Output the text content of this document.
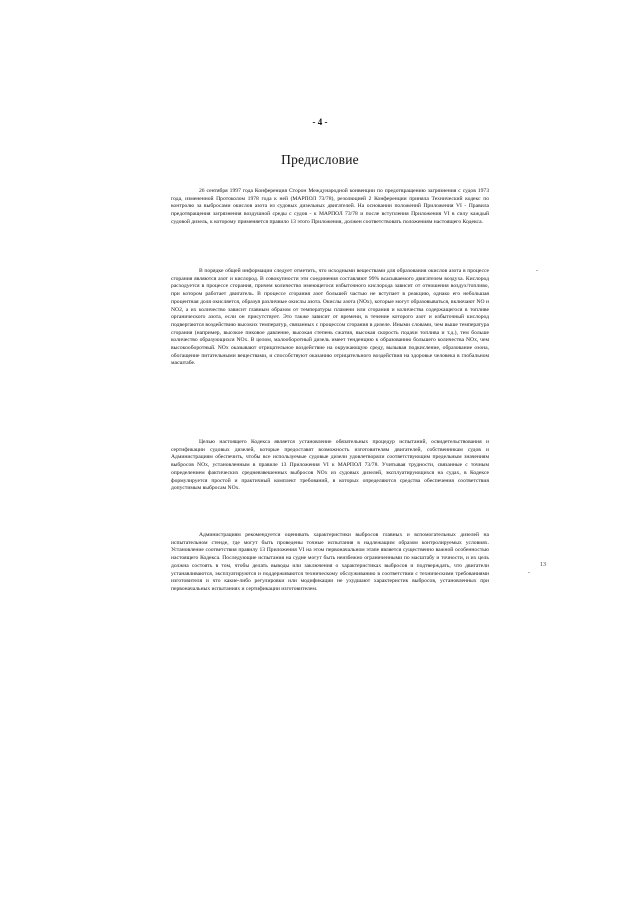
- 4 -
Предисловие

26 сентября 1997 года Конференция Сторон Международной конвенции по предотвращению загрязнения с судов 1973 года, измененной Протоколом 1978 года к ней (МАРПОЛ 73/78), резолюцией 2 Конференции приняла Технический кодекс по контролю за выбросами окислов азота из судовых дизельных двигателей. На основании положений Приложения VI - Правила предотвращения загрязнения воздушной среды с судов - к МАРПОЛ 73/78 и после вступления Приложения VI в силу каждый судовой дизель, к которому применяется правило 13 этого Приложения, должен соответствовать положениям настоящего Кодекса.

В порядке общей информации следует отметить, что исходными веществами для образования окислов азота в процессе сгорания являются азот и кислород. В совокупности эти соединения составляют 99% всасываемого двигателем воздуха. Кислород расходуется в процессе сгорания, причем количество имеющегося избыточного кислорода зависит от отношения воздух/топливо, при котором работает двигатель. В процессе сгорания азот большей частью не вступает в реакцию, однако его небольшая процентная доля окисляется, образуя различные окислы азота. Окислы азота (NOx), которые могут образовываться, включают NO и NO2, а их количество зависит главным образом от температуры пламени или сгорания и количества содержащегося в топливе органического азота, если он присутствует. Это также зависит от времени, в течение которого азот и избыточный кислород подвергаются воздействию высоких температур, связанных с процессом сгорания в дизеле. Иными словами, чем выше температура сгорания (например, высокое пиковое давление, высокая степень сжатия, высокая скорость подачи топлива и т.д.), тем больше количество образующихся NOx. В целом, малооборотный дизель имеет тенденцию к образованию большего количества NOx, чем высокооборотный. NOx оказывают отрицательное воздействие на окружающую среду, вызывая подкисление, образование озона, обогащение питательными веществами, и способствуют оказанию отрицательного воздействия на здоровье человека в глобальном масштабе.

Целью настоящего Кодекса является установление обязательных процедур испытаний, освидетельствования и сертификации судовых дизелей, которые предоставят возможность изготовителям двигателей, собственникам судов и Администрациям обеспечить, чтобы все используемые судовые дизели удовлетворяли соответствующим предельным значениям выбросов NOx, установленным в правиле 13 Приложения VI к МАРПОЛ 73/78. Учитывая трудности, связанные с точным определением фактических средневзвешенных выбросов NOx из судовых дизелей, эксплуатирующихся на судах, в Кодексе формулируется простой и практичный комплект требований, в которых определяются средства обеспечения соответствия допустимым выбросам NOx.

Администрациям рекомендуется оценивать характеристики выбросов главных и вспомогательных дизелей на испытательном стенде, где могут быть проведены точные испытания в надлежащим образом контролируемых условиях. Установление соответствия правилу 13 Приложения VI на этом первоначальном этапе является существенно важной особенностью настоящего Кодекса. Последующие испытания на судне могут быть неизбежно ограниченными по масштабу и точности, и их цель должна состоять в том, чтобы делать выводы или заключения о характеристиках выбросов и подтверждать, что двигатели устанавливаются, эксплуатируются и поддерживаются техническому обслуживанию в соответствии с техническими требованиями изготовителя и что какие-либо регулировки или модификации не ухудшают характеристик выбросов, установленных при первоначальных испытаниях и сертификации изготовителем.

-
13
-
